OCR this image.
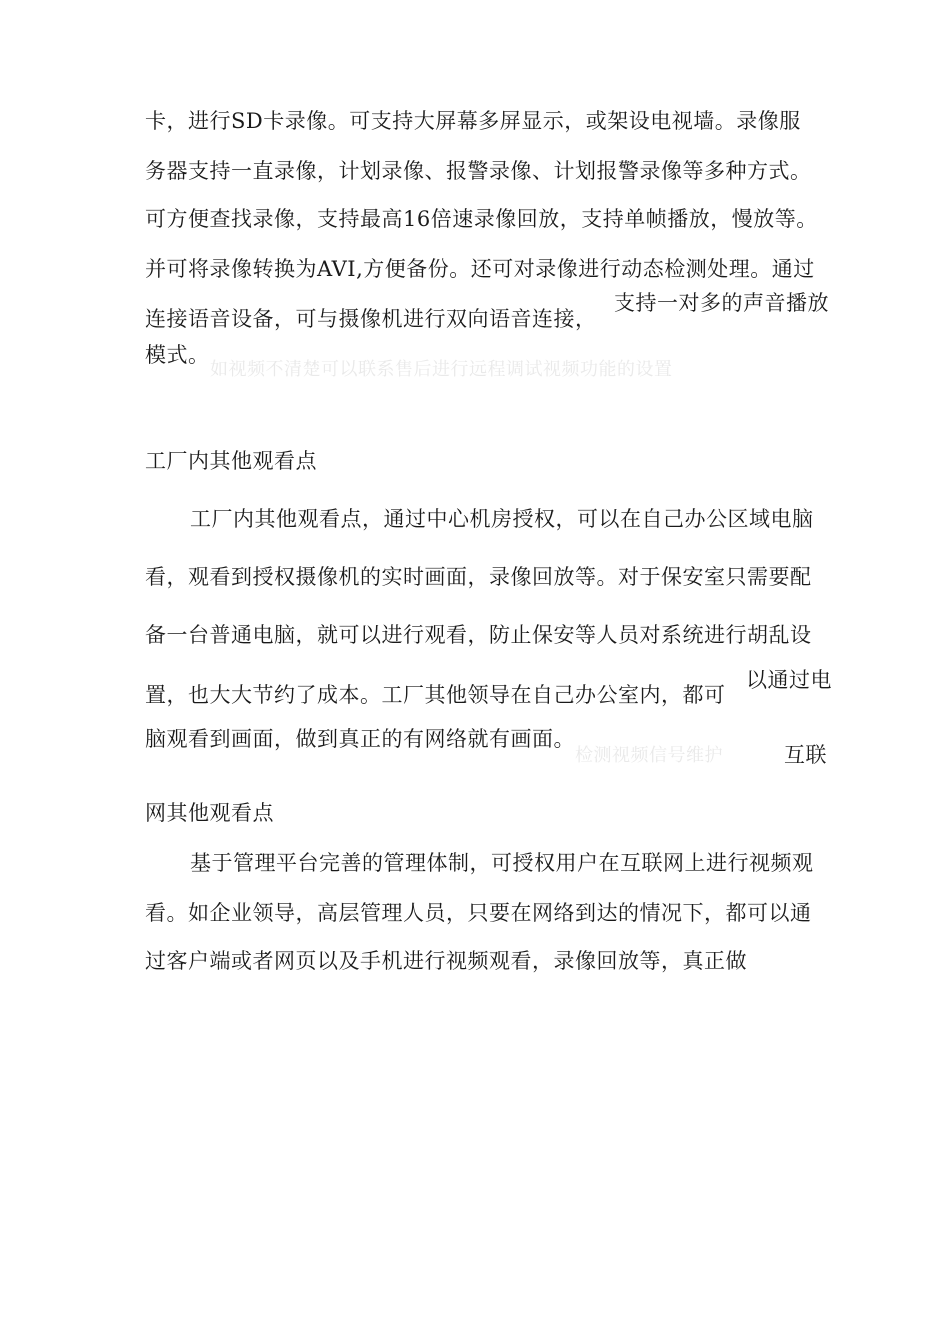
卡，进行SD卡录像。可支持大屏幕多屏显示，或架设电视墙。录像服
务器支持一直录像，计划录像、报警录像、计划报警录像等多种方式。
可方便查找录像，支持最高16倍速录像回放，支持单帧播放，慢放等。
并可将录像转换为AVI,方便备份。还可对录像进行动态检测处理。通过
连接语音设备，可与摄像机进行双向语音连接，
支持一对多的声音播放
模式。
如视频不清楚可以联系售后进行远程调试视频功能的设置
工厂内其他观看点
工厂内其他观看点，通过中心机房授权，可以在自己办公区域电脑
看，观看到授权摄像机的实时画面，录像回放等。对于保安室只需要配
备一台普通电脑，就可以进行观看，防止保安等人员对系统进行胡乱设
置，也大大节约了成本。工厂其他领导在自己办公室内，都可
以通过电
脑观看到画面，做到真正的有网络就有画面。
检测视频信号维护	互联
网其他观看点
基于管理平台完善的管理体制，可授权用户在互联网上进行视频观
看。如企业领导，高层管理人员，只要在网络到达的情况下，都可以通
过客户端或者网页以及手机进行视频观看，录像回放等，真正做
